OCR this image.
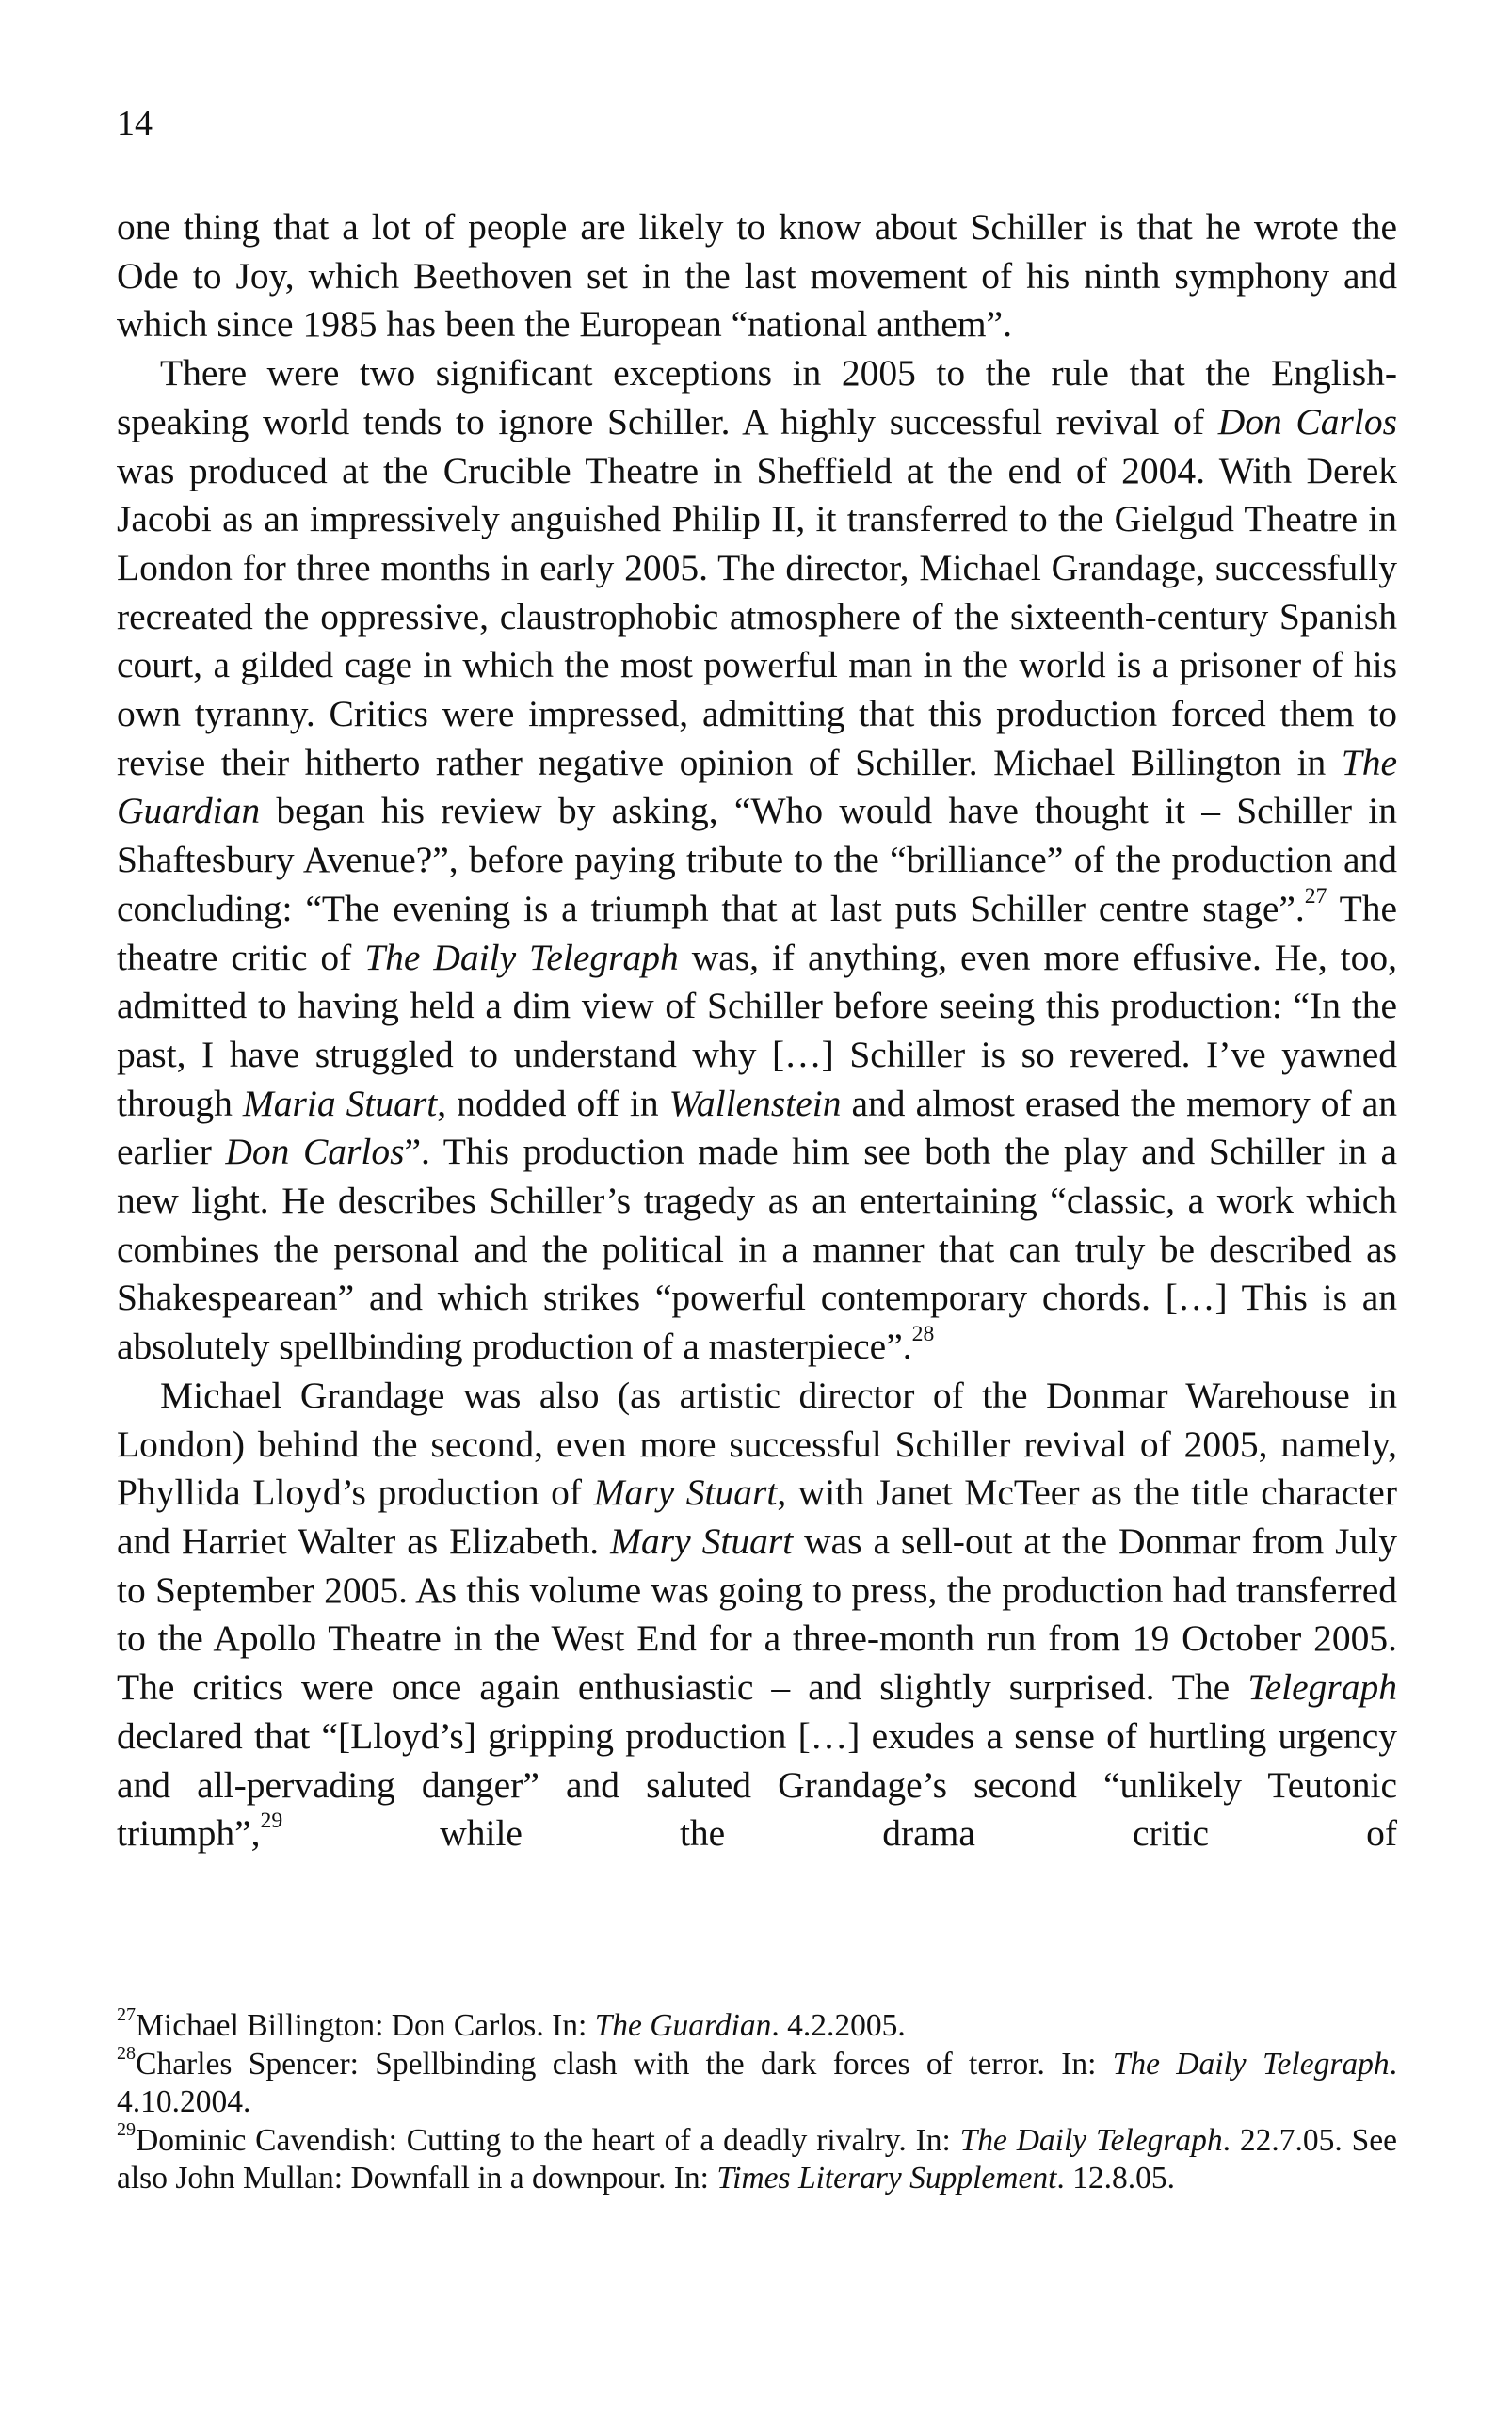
14

one thing that a lot of people are likely to know about Schiller is that he wrote the Ode to Joy, which Beethoven set in the last movement of his ninth symphony and which since 1985 has been the European “national anthem”.

There were two significant exceptions in 2005 to the rule that the English-speaking world tends to ignore Schiller. A highly successful revival of Don Carlos was produced at the Crucible Theatre in Sheffield at the end of 2004. With Derek Jacobi as an impressively anguished Philip II, it transferred to the Gielgud Theatre in London for three months in early 2005. The director, Michael Grandage, successfully recreated the oppressive, claustrophobic atmosphere of the sixteenth-century Spanish court, a gilded cage in which the most powerful man in the world is a prisoner of his own tyranny. Critics were impressed, admitting that this production forced them to revise their hitherto rather negative opinion of Schiller. Michael Billington in The Guardian began his review by asking, “Who would have thought it – Schiller in Shaftesbury Avenue?”, before paying tribute to the “brilliance” of the production and concluding: “The evening is a triumph that at last puts Schiller centre stage”.$^{27}$ The theatre critic of The Daily Telegraph was, if anything, even more effusive. He, too, admitted to having held a dim view of Schiller before seeing this production: “In the past, I have struggled to understand why […] Schiller is so revered. I’ve yawned through Maria Stuart, nodded off in Wallenstein and almost erased the memory of an earlier Don Carlos”. This production made him see both the play and Schiller in a new light. He describes Schiller’s tragedy as an entertaining “classic, a work which combines the personal and the political in a manner that can truly be described as Shakespearean” and which strikes “powerful contemporary chords. […] This is an absolutely spellbinding production of a masterpiece”.$^{28}$

Michael Grandage was also (as artistic director of the Donmar Warehouse in London) behind the second, even more successful Schiller revival of 2005, namely, Phyllida Lloyd’s production of Mary Stuart, with Janet McTeer as the title character and Harriet Walter as Elizabeth. Mary Stuart was a sell-out at the Donmar from July to September 2005. As this volume was going to press, the production had transferred to the Apollo Theatre in the West End for a three-month run from 19 October 2005. The critics were once again enthusiastic – and slightly surprised. The Telegraph declared that “[Lloyd’s] gripping production […] exudes a sense of hurtling urgency and all-pervading danger” and saluted Grandage’s second “unlikely Teutonic triumph”,$^{29}$ while the drama critic of

$^{27}$Michael Billington: Don Carlos. In: The Guardian. 4.2.2005.

$^{28}$Charles Spencer: Spellbinding clash with the dark forces of terror. In: The Daily Telegraph. 4.10.2004.

$^{29}$Dominic Cavendish: Cutting to the heart of a deadly rivalry. In: The Daily Telegraph. 22.7.05. See also John Mullan: Downfall in a downpour. In: Times Literary Supplement. 12.8.05.
